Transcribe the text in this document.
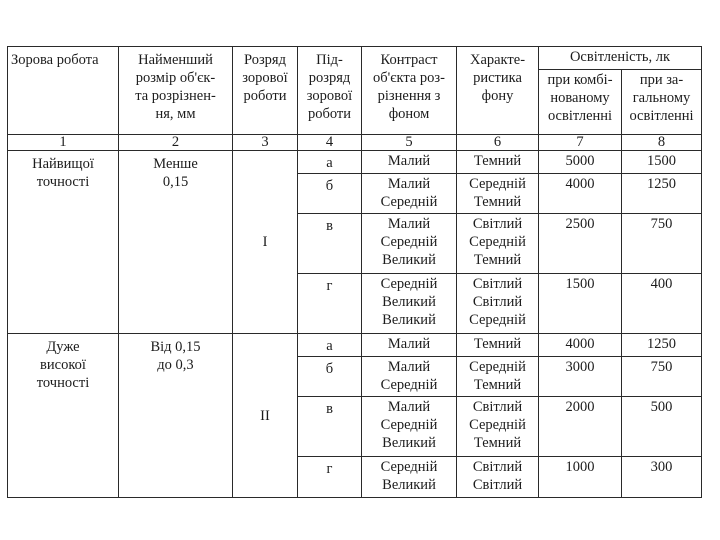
Зорова робота	Найменший
розмір об'єк-
та розрізнен-
ня, мм	Розряд
зорової
роботи	Під-
розряд
зорової
роботи	Контраст
об'єкта роз-
різнення з
фоном	Характе-
ристика
фону	Освітленість, лк	

						при комбі-
нованому
освітленні	при за-
гальному
освітленні

1	2	3	4	5	6	7	8

Найвищої
точності	Менше
0,15	I	а	Малий	Темний	5000	1500
			б	Малий
Середній	Середній
Темний	4000	1250
			в	Малий
Середній
Великий	Світлий
Середній
Темний	2500	750
			г	Середній
Великий
Великий	Світлий
Світлий
Середній	1500	400

Дуже
високої
точності	Від 0,15
до 0,3	II	а	Малий	Темний	4000	1250
			б	Малий
Середній	Середній
Темний	3000	750
			в	Малий
Середній
Великий	Світлий
Середній
Темний	2000	500
			г	Середній
Великий	Світлий
Світлий	1000	300
